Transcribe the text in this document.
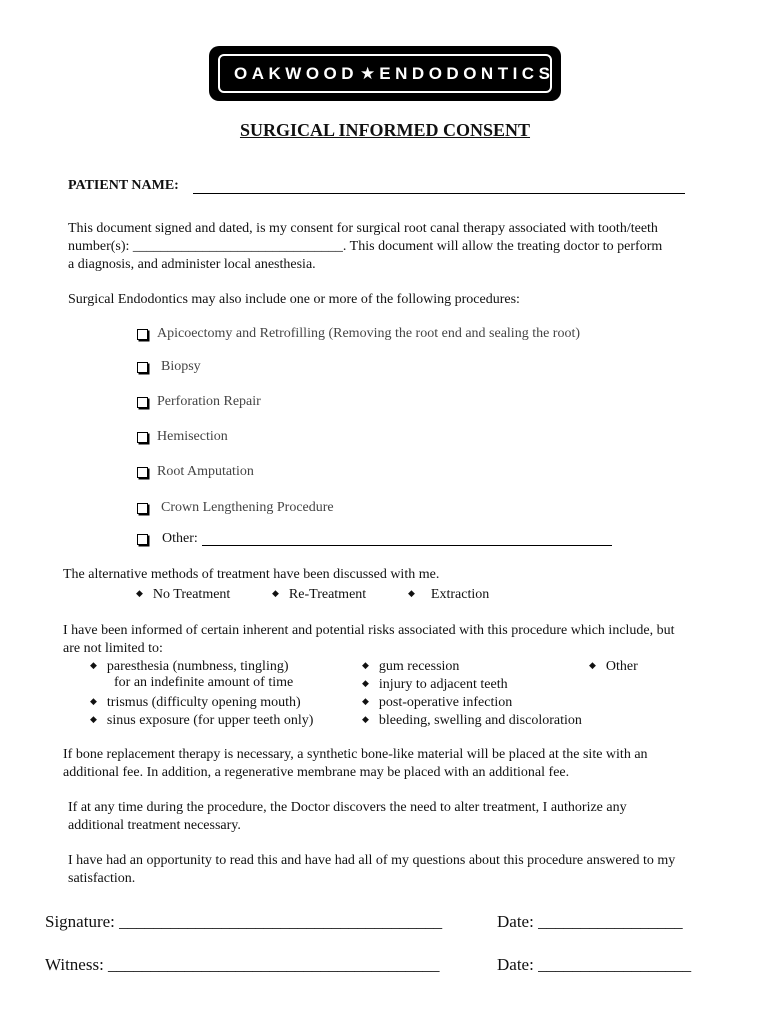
OAKWOOD ★ ENDODONTICS
SURGICAL INFORMED CONSENT
PATIENT NAME:
This document signed and dated, is my consent for surgical root canal therapy associated with tooth/teeth
number(s): ______________________________. This document will allow the treating doctor to perform
a diagnosis, and administer local anesthesia.
Surgical Endodontics may also include one or more of the following procedures:
Apicoectomy and Retrofilling (Removing the root end and sealing the root)
Biopsy
Perforation Repair
Hemisection
Root Amputation
Crown Lengthening Procedure
Other:
The alternative methods of treatment have been discussed with me.
◆ No Treatment	◆ Re-Treatment	◆ Extraction
I have been informed of certain inherent and potential risks associated with this procedure which include, but
are not limited to:
◆ paresthesia (numbness, tingling)
for an indefinite amount of time
◆ trismus (difficulty opening mouth)
◆ sinus exposure (for upper teeth only)
◆ gum recession
◆ injury to adjacent teeth
◆ post-operative infection
◆ bleeding, swelling and discoloration
◆ Other
If bone replacement therapy is necessary, a synthetic bone-like material will be placed at the site with an
additional fee. In addition, a regenerative membrane may be placed with an additional fee.
If at any time during the procedure, the Doctor discovers the need to alter treatment, I authorize any
additional treatment necessary.
I have had an opportunity to read this and have had all of my questions about this procedure answered to my
satisfaction.
Signature: ______________________________________	Date: _________________
Witness: _______________________________________	Date: __________________
